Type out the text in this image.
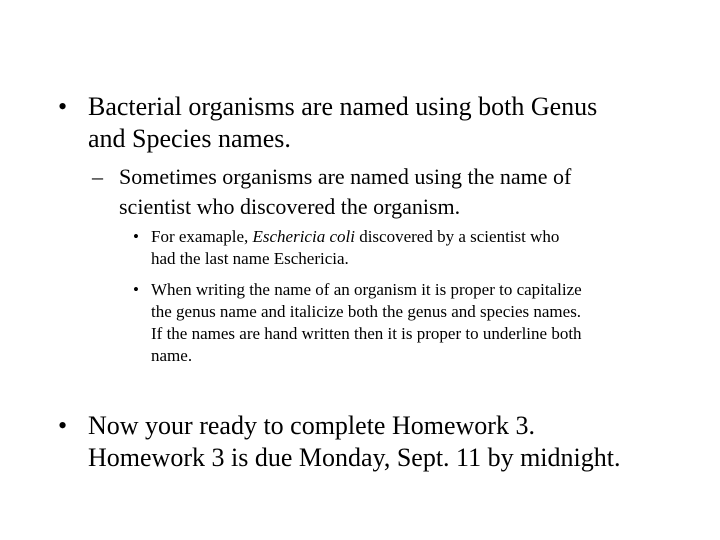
• Bacterial organisms are named using both Genus
and Species names.

– Sometimes organisms are named using the name of
scientist who discovered the organism.

• For examaple, Eschericia coli discovered by a scientist who
had the last name Eschericia.

• When writing the name of an organism it is proper to capitalize
the genus name and italicize both the genus and species names.
If the names are hand written then it is proper to underline both
name.

• Now your ready to complete Homework 3.
Homework 3 is due Monday, Sept. 11 by midnight.
